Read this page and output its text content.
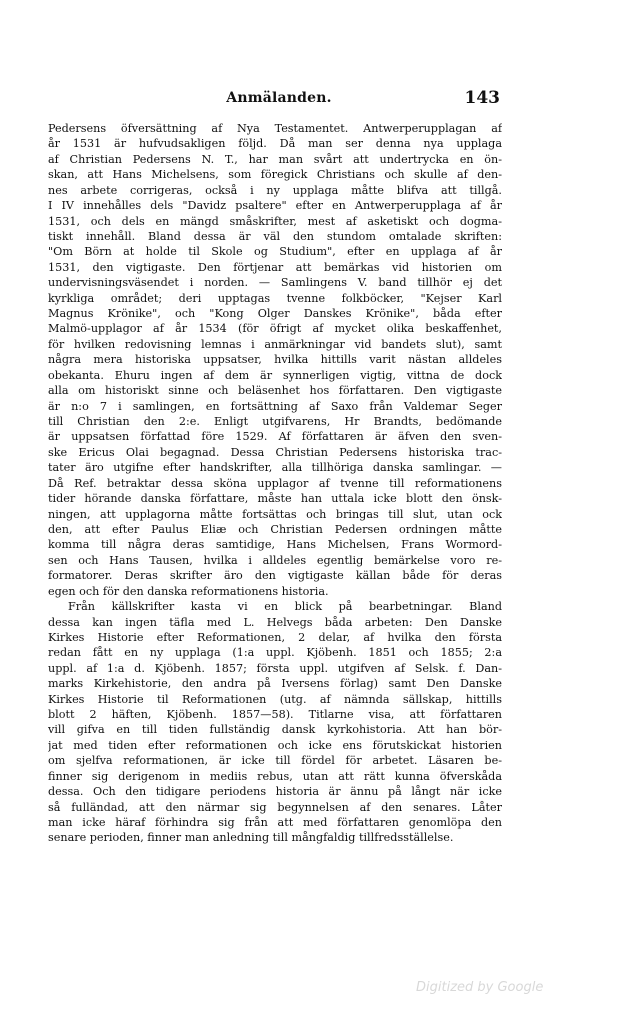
Anmälanden.	143
Pedersens öfversättning af Nya Testamentet. Antwerperupplagan af
år 1531 är hufvudsakligen följd. Då man ser denna nya upplaga
af Christian Pedersens N. T., har man svårt att undertrycka en ön-
skan, att Hans Michelsens, som föregick Christians och skulle af den-
nes arbete corrigeras, också i ny upplaga måtte blifva att tillgå.
I IV innehålles dels "Davidz psaltere" efter en Antwerperupplaga af år
1531, och dels en mängd småskrifter, mest af asketiskt och dogma-
tiskt innehåll. Bland dessa är väl den stundom omtalade skriften:
"Om Börn at holde til Skole og Studium", efter en upplaga af år
1531, den vigtigaste. Den förtjenar att bemärkas vid historien om
undervisningsväsendet i norden. — Samlingens V. band tillhör ej det
kyrkliga området; deri upptagas tvenne folkböcker, "Kejser Karl
Magnus Krönike", och "Kong Olger Danskes Krönike", båda efter
Malmö-upplagor af år 1534 (för öfrigt af mycket olika beskaffenhet,
för hvilken redovisning lemnas i anmärkningar vid bandets slut), samt
några mera historiska uppsatser, hvilka hittills varit nästan alldeles
obekanta. Ehuru ingen af dem är synnerligen vigtig, vittna de dock
alla om historiskt sinne och beläsenhet hos författaren. Den vigtigaste
är n:o 7 i samlingen, en fortsättning af Saxo från Valdemar Seger
till Christian den 2:e. Enligt utgifvarens, Hr Brandts, bedömande
är uppsatsen författad före 1529. Af författaren är äfven den sven-
ske Ericus Olai begagnad. Dessa Christian Pedersens historiska trac-
tater äro utgifne efter handskrifter, alla tillhöriga danska samlingar. —
Då Ref. betraktar dessa sköna upplagor af tvenne till reformationens
tider hörande danska författare, måste han uttala icke blott den önsk-
ningen, att upplagorna måtte fortsättas och bringas till slut, utan ock
den, att efter Paulus Eliæ och Christian Pedersen ordningen måtte
komma till några deras samtidige, Hans Michelsen, Frans Wormord-
sen och Hans Tausen, hvilka i alldeles egentlig bemärkelse voro re-
formatorer. Deras skrifter äro den vigtigaste källan både för deras
egen och för den danska reformationens historia.
Från källskrifter kasta vi en blick på bearbetningar. Bland
dessa kan ingen täfla med L. Helvegs båda arbeten: Den Danske
Kirkes Historie efter Reformationen, 2 delar, af hvilka den första
redan fått en ny upplaga (1:a uppl. Kjöbenh. 1851 och 1855; 2:a
uppl. af 1:a d. Kjöbenh. 1857; första uppl. utgifven af Selsk. f. Dan-
marks Kirkehistorie, den andra på Iversens förlag) samt Den Danske
Kirkes Historie til Reformationen (utg. af nämnda sällskap, hittills
blott 2 häften, Kjöbenh. 1857—58). Titlarne visa, att författaren
vill gifva en till tiden fullständig dansk kyrkohistoria. Att han bör-
jat med tiden efter reformationen och icke ens förutskickat historien
om sjelfva reformationen, är icke till fördel för arbetet. Läsaren be-
finner sig derigenom in mediis rebus, utan att rätt kunna öfverskåda
dessa. Och den tidigare periodens historia är ännu på långt när icke
så fulländad, att den närmar sig begynnelsen af den senares. Låter
man icke häraf förhindra sig från att med författaren genomlöpa den
senare perioden, finner man anledning till mångfaldig tillfredsställelse.
Digitized by Google
